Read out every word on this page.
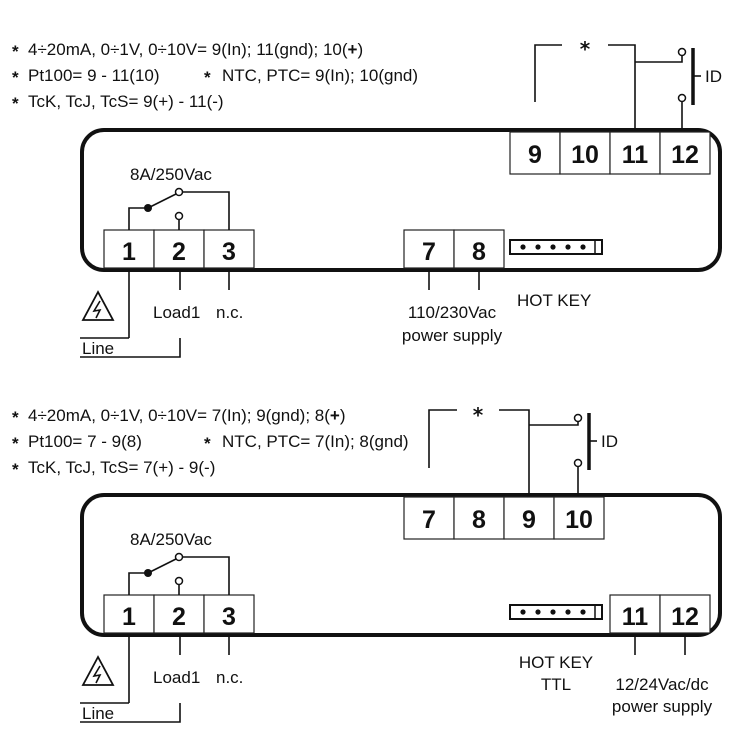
* 4÷20mA, 0÷1V, 0÷10V= 9(In); 11(gnd); 10(+)
* Pt100= 9 - 11(10)	* NTC, PTC= 9(In); 10(gnd)
* TcK, TcJ, TcS= 9(+) - 11(-)
9 10 11 12
*
ID
1 2 3
8A/250Vac
7 8
Load1 n.c.
Line
110/230Vac
power supply
HOT KEY
* 4÷20mA, 0÷1V, 0÷10V= 7(In); 9(gnd); 8(+)
* Pt100= 7 - 9(8)	* NTC, PTC= 7(In); 8(gnd)
* TcK, TcJ, TcS= 7(+) - 9(-)
7 8 9 10
*
ID
1 2 3
8A/250Vac
11 12
Load1 n.c.
Line
HOT KEY
TTL	12/24Vac/dc
power supply
